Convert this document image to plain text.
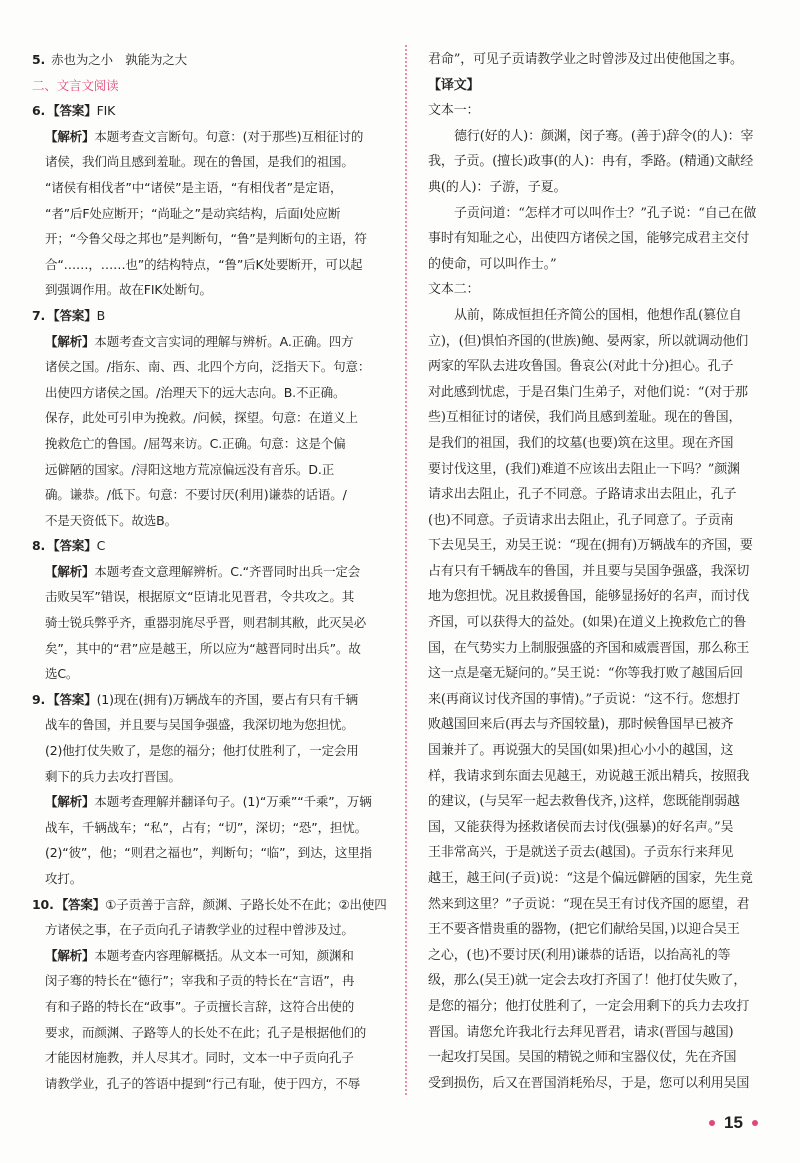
5. 赤也为之小　孰能为之大
二、文言文阅读
6. 【答案】FIK
【解析】本题考查文言断句。句意：(对于那些)互相征讨的
诸侯，我们尚且感到羞耻。现在的鲁国，是我们的祖国。
“诸侯有相伐者”中“诸侯”是主语，“有相伐者”是定语，
“者”后F处应断开；“尚耻之”是动宾结构，后面I处应断
开；“今鲁父母之邦也”是判断句，“鲁”是判断句的主语，符
合“……，……也”的结构特点，“鲁”后K处要断开，可以起
到强调作用。故在FIK处断句。
7. 【答案】B
【解析】本题考查文言实词的理解与辨析。A.正确。四方
诸侯之国。/指东、南、西、北四个方向，泛指天下。句意：
出使四方诸侯之国。/治理天下的远大志向。B.不正确。
保存，此处可引申为挽救。/问候，探望。句意：在道义上
挽救危亡的鲁国。/屈驾来访。C.正确。句意：这是个偏
远僻陋的国家。/浔阳这地方荒凉偏远没有音乐。D.正
确。谦恭。/低下。句意：不要讨厌(利用)谦恭的话语。/
不是天资低下。故选B。
8. 【答案】C
【解析】本题考查文意理解辨析。C.“齐晋同时出兵一定会
击败吴军”错误，根据原文“臣请北见晋君，令共攻之。其
骑士锐兵弊乎齐，重器羽旄尽乎晋，则君制其敝，此灭吴必
矣”，其中的“君”应是越王，所以应为“越晋同时出兵”。故
选C。
9. 【答案】(1)现在(拥有)万辆战车的齐国，要占有只有千辆
战车的鲁国，并且要与吴国争强盛，我深切地为您担忧。
(2)他打仗失败了，是您的福分；他打仗胜利了，一定会用
剩下的兵力去攻打晋国。
【解析】本题考查理解并翻译句子。(1)“万乘”“千乘”，万辆
战车，千辆战车；“私”，占有；“切”，深切；“恐”，担忧。
(2)“彼”，他；“则君之福也”，判断句；“临”，到达，这里指
攻打。
10. 【答案】①子贡善于言辞，颜渊、子路长处不在此；②出使四
方诸侯之事，在子贡向孔子请教学业的过程中曾涉及过。
【解析】本题考查内容理解概括。从文本一可知，颜渊和
闵子骞的特长在“德行”；宰我和子贡的特长在“言语”，冉
有和子路的特长在“政事”。子贡擅长言辞，这符合出使的
要求，而颜渊、子路等人的长处不在此；孔子是根据他们的
才能因材施教，并人尽其才。同时，文本一中子贡向孔子
请教学业，孔子的答语中提到“行己有耻，使于四方，不辱
君命”，可见子贡请教学业之时曾涉及过出使他国之事。
【译文】
文本一：
德行(好的人)：颜渊，闵子骞。(善于)辞令(的人)：宰
我，子贡。(擅长)政事(的人)：冉有，季路。(精通)文献经
典(的人)：子游，子夏。
子贡问道：“怎样才可以叫作士？”孔子说：“自己在做
事时有知耻之心，出使四方诸侯之国，能够完成君主交付
的使命，可以叫作士。”
文本二：
从前，陈成恒担任齐简公的国相，他想作乱(篡位自
立)，(但)惧怕齐国的(世族)鲍、晏两家，所以就调动他们
两家的军队去进攻鲁国。鲁哀公(对此十分)担心。孔子
对此感到忧虑，于是召集门生弟子，对他们说：“(对于那
些)互相征讨的诸侯，我们尚且感到羞耻。现在的鲁国，
是我们的祖国，我们的坟墓(也要)筑在这里。现在齐国
要讨伐这里，(我们)难道不应该出去阻止一下吗？”颜渊
请求出去阻止，孔子不同意。子路请求出去阻止，孔子
(也)不同意。子贡请求出去阻止，孔子同意了。子贡南
下去见吴王，劝吴王说：“现在(拥有)万辆战车的齐国，要
占有只有千辆战车的鲁国，并且要与吴国争强盛，我深切
地为您担忧。况且救援鲁国，能够显扬好的名声，而讨伐
齐国，可以获得大的益处。(如果)在道义上挽救危亡的鲁
国，在气势实力上制服强盛的齐国和威震晋国，那么称王
这一点是毫无疑问的。”吴王说：“你等我打败了越国后回
来(再商议讨伐齐国的事情)。”子贡说：“这不行。您想打
败越国回来后(再去与齐国较量)，那时候鲁国早已被齐
国兼并了。再说强大的吴国(如果)担心小小的越国，这
样，我请求到东面去见越王，劝说越王派出精兵，按照我
的建议，(与吴军一起去救鲁伐齐，)这样，您既能削弱越
国，又能获得为拯救诸侯而去讨伐(强暴)的好名声。”吴
王非常高兴，于是就送子贡去(越国)。子贡东行来拜见
越王，越王问(子贡)说：“这是个偏远僻陋的国家，先生竟
然来到这里？”子贡说：“现在吴王有讨伐齐国的愿望，君
王不要吝惜贵重的器物，(把它们献给吴国，)以迎合吴王
之心，(也)不要讨厌(利用)谦恭的话语，以抬高礼的等
级，那么(吴王)就一定会去攻打齐国了！他打仗失败了，
是您的福分；他打仗胜利了，一定会用剩下的兵力去攻打
晋国。请您允许我北行去拜见晋君，请求(晋国与越国)
一起攻打吴国。吴国的精锐之师和宝器仪仗，先在齐国
受到损伤，后又在晋国消耗殆尽，于是，您可以利用吴国
15
